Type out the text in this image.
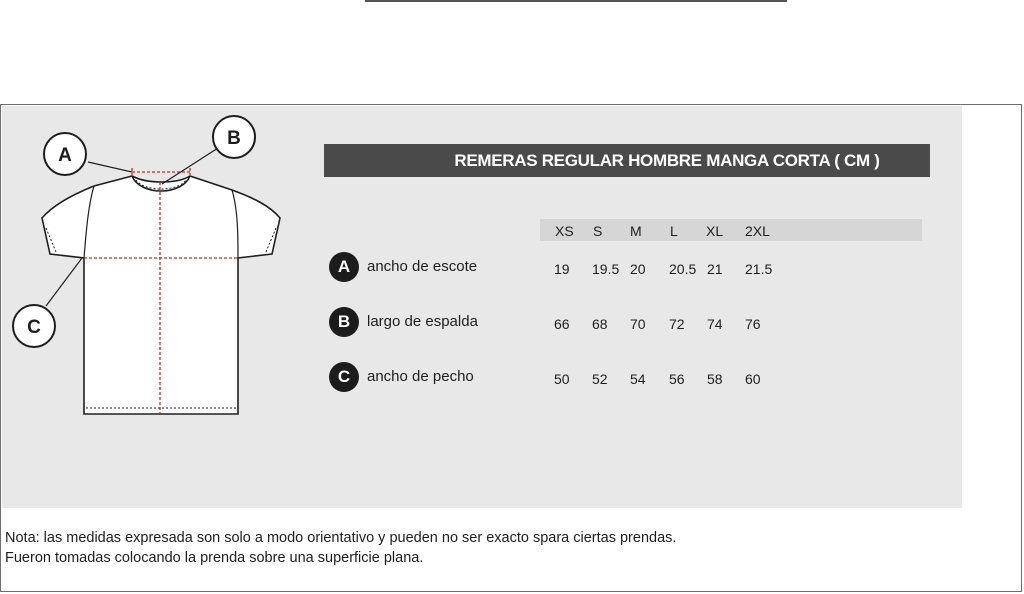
A
B
C
REMERAS REGULAR HOMBRE MANGA CORTA ( CM )
XS S M L XL 2XL
A	ancho de escote	19 19.5 20 20.5 21 21.5
B	largo de espalda	66 68 70 72 74 76
C	ancho de pecho	50 52 54 56 58 60
Nota: las medidas expresada son solo a modo orientativo y pueden no ser exacto spara ciertas prendas.
Fueron tomadas colocando la prenda sobre una superficie plana.
